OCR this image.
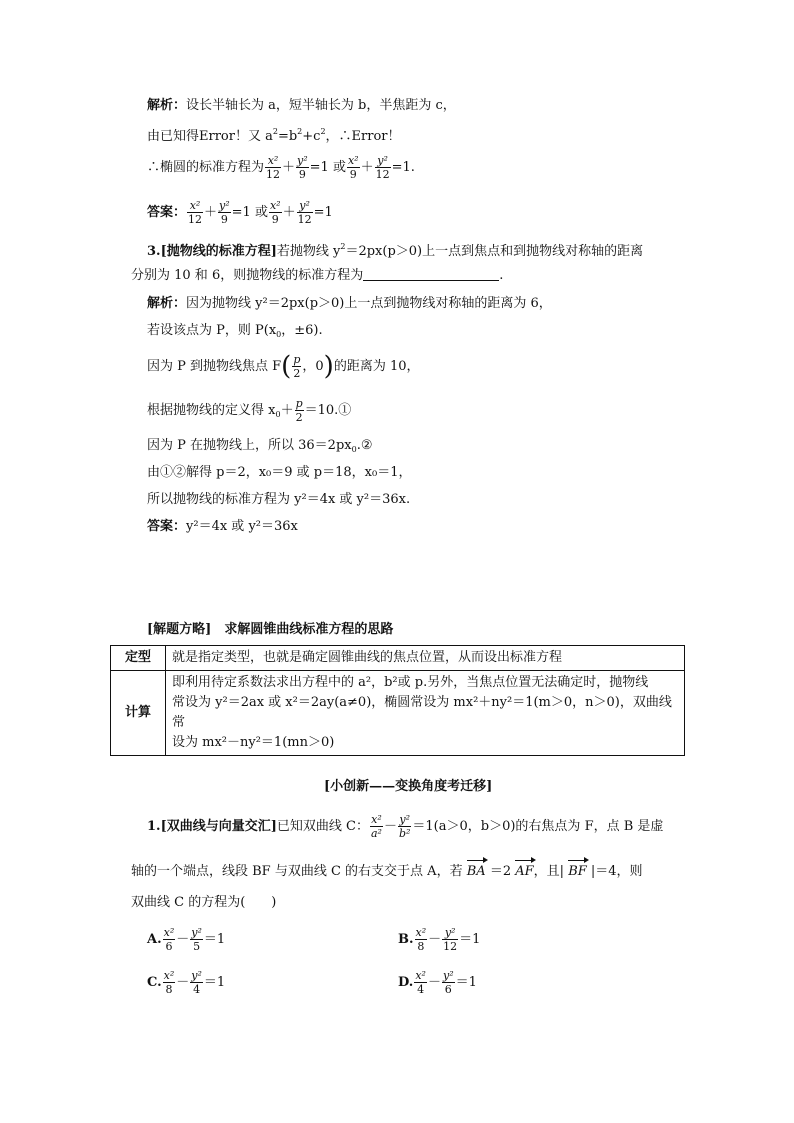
解析：设长半轴长为 a，短半轴长为 b，半焦距为 c，
由已知得Error！又 $a^2=b^2+c^2$，∴Error！
∴椭圆的标准方程为 $\frac{\text{x²}}{12} + \frac{\text{y²}}{9} =1$ 或 $\frac{\text{x²}}{9} + \frac{\text{y²}}{12} =1$.
答案： $\frac{\text{x²}}{12} + \frac{\text{y²}}{9} =1$ 或 $\frac{\text{x²}}{9} + \frac{\text{y²}}{12} =1$
3.[抛物线的标准方程]若抛物线 $y^2=2px(p>0)$上一点到焦点和到抛物线对称轴的距离
分别为 10 和 6，则抛物线的标准方程为	.
解析：因为抛物线 y²＝2px(p＞0)上一点到抛物线对称轴的距离为 6，
若设该点为 P，则 $P(x_0$，±6).
因为 P 到抛物线焦点 $F( \frac{p}{2}$ ，0)的距离为 10，
根据抛物线的定义得 $x_0+ \frac{p}{2}$ ＝10.①
因为 P 在抛物线上，所以 $36=2px_0.②$
由①②解得 p＝2，x₀＝9 或 p＝18，x₀＝1，
所以抛物线的标准方程为 y²＝4x 或 y²＝36x.
答案：y²＝4x 或 y²＝36x
[解题方略]　 求解圆锥曲线标准方程的思路
定型	就是指定类型，也就是确定圆锥曲线的焦点位置，从而设出标准方程

计算	即利用待定系数法求出方程中的 a²，b²或 p.另外，当焦点位置无法确定时，抛物线
常设为 y²＝2ax 或 x²＝2ay(a≠0)，椭圆常设为 mx²＋ny²＝1(m＞0，n＞0)，双曲线常
设为 mx²－ny²＝1(mn＞0)
[小创新——变换角度考迁移]
1.[双曲线与向量交汇]已知双曲线 C： $\frac{\text{x²}}{\text{a²}} - \frac{\text{y²}}{\text{b²}} =1(a>0$，b＞0)的右焦点为 F，点 B 是虚
轴的一个端点，线段 BF 与双曲线 C 的右支交于点 A，若 BA ＝2 AF，且| BF |＝4，则
双曲线 C 的方程为(　　)
A. $\frac{\text{x²}}{6} - \frac{\text{y²}}{5} =1$	B. $\frac{\text{x²}}{8} - \frac{\text{y²}}{12} =1$
C. $\frac{\text{x²}}{8} - \frac{\text{y²}}{4} =1$	D. $\frac{\text{x²}}{4} - \frac{\text{y²}}{6} =1$
